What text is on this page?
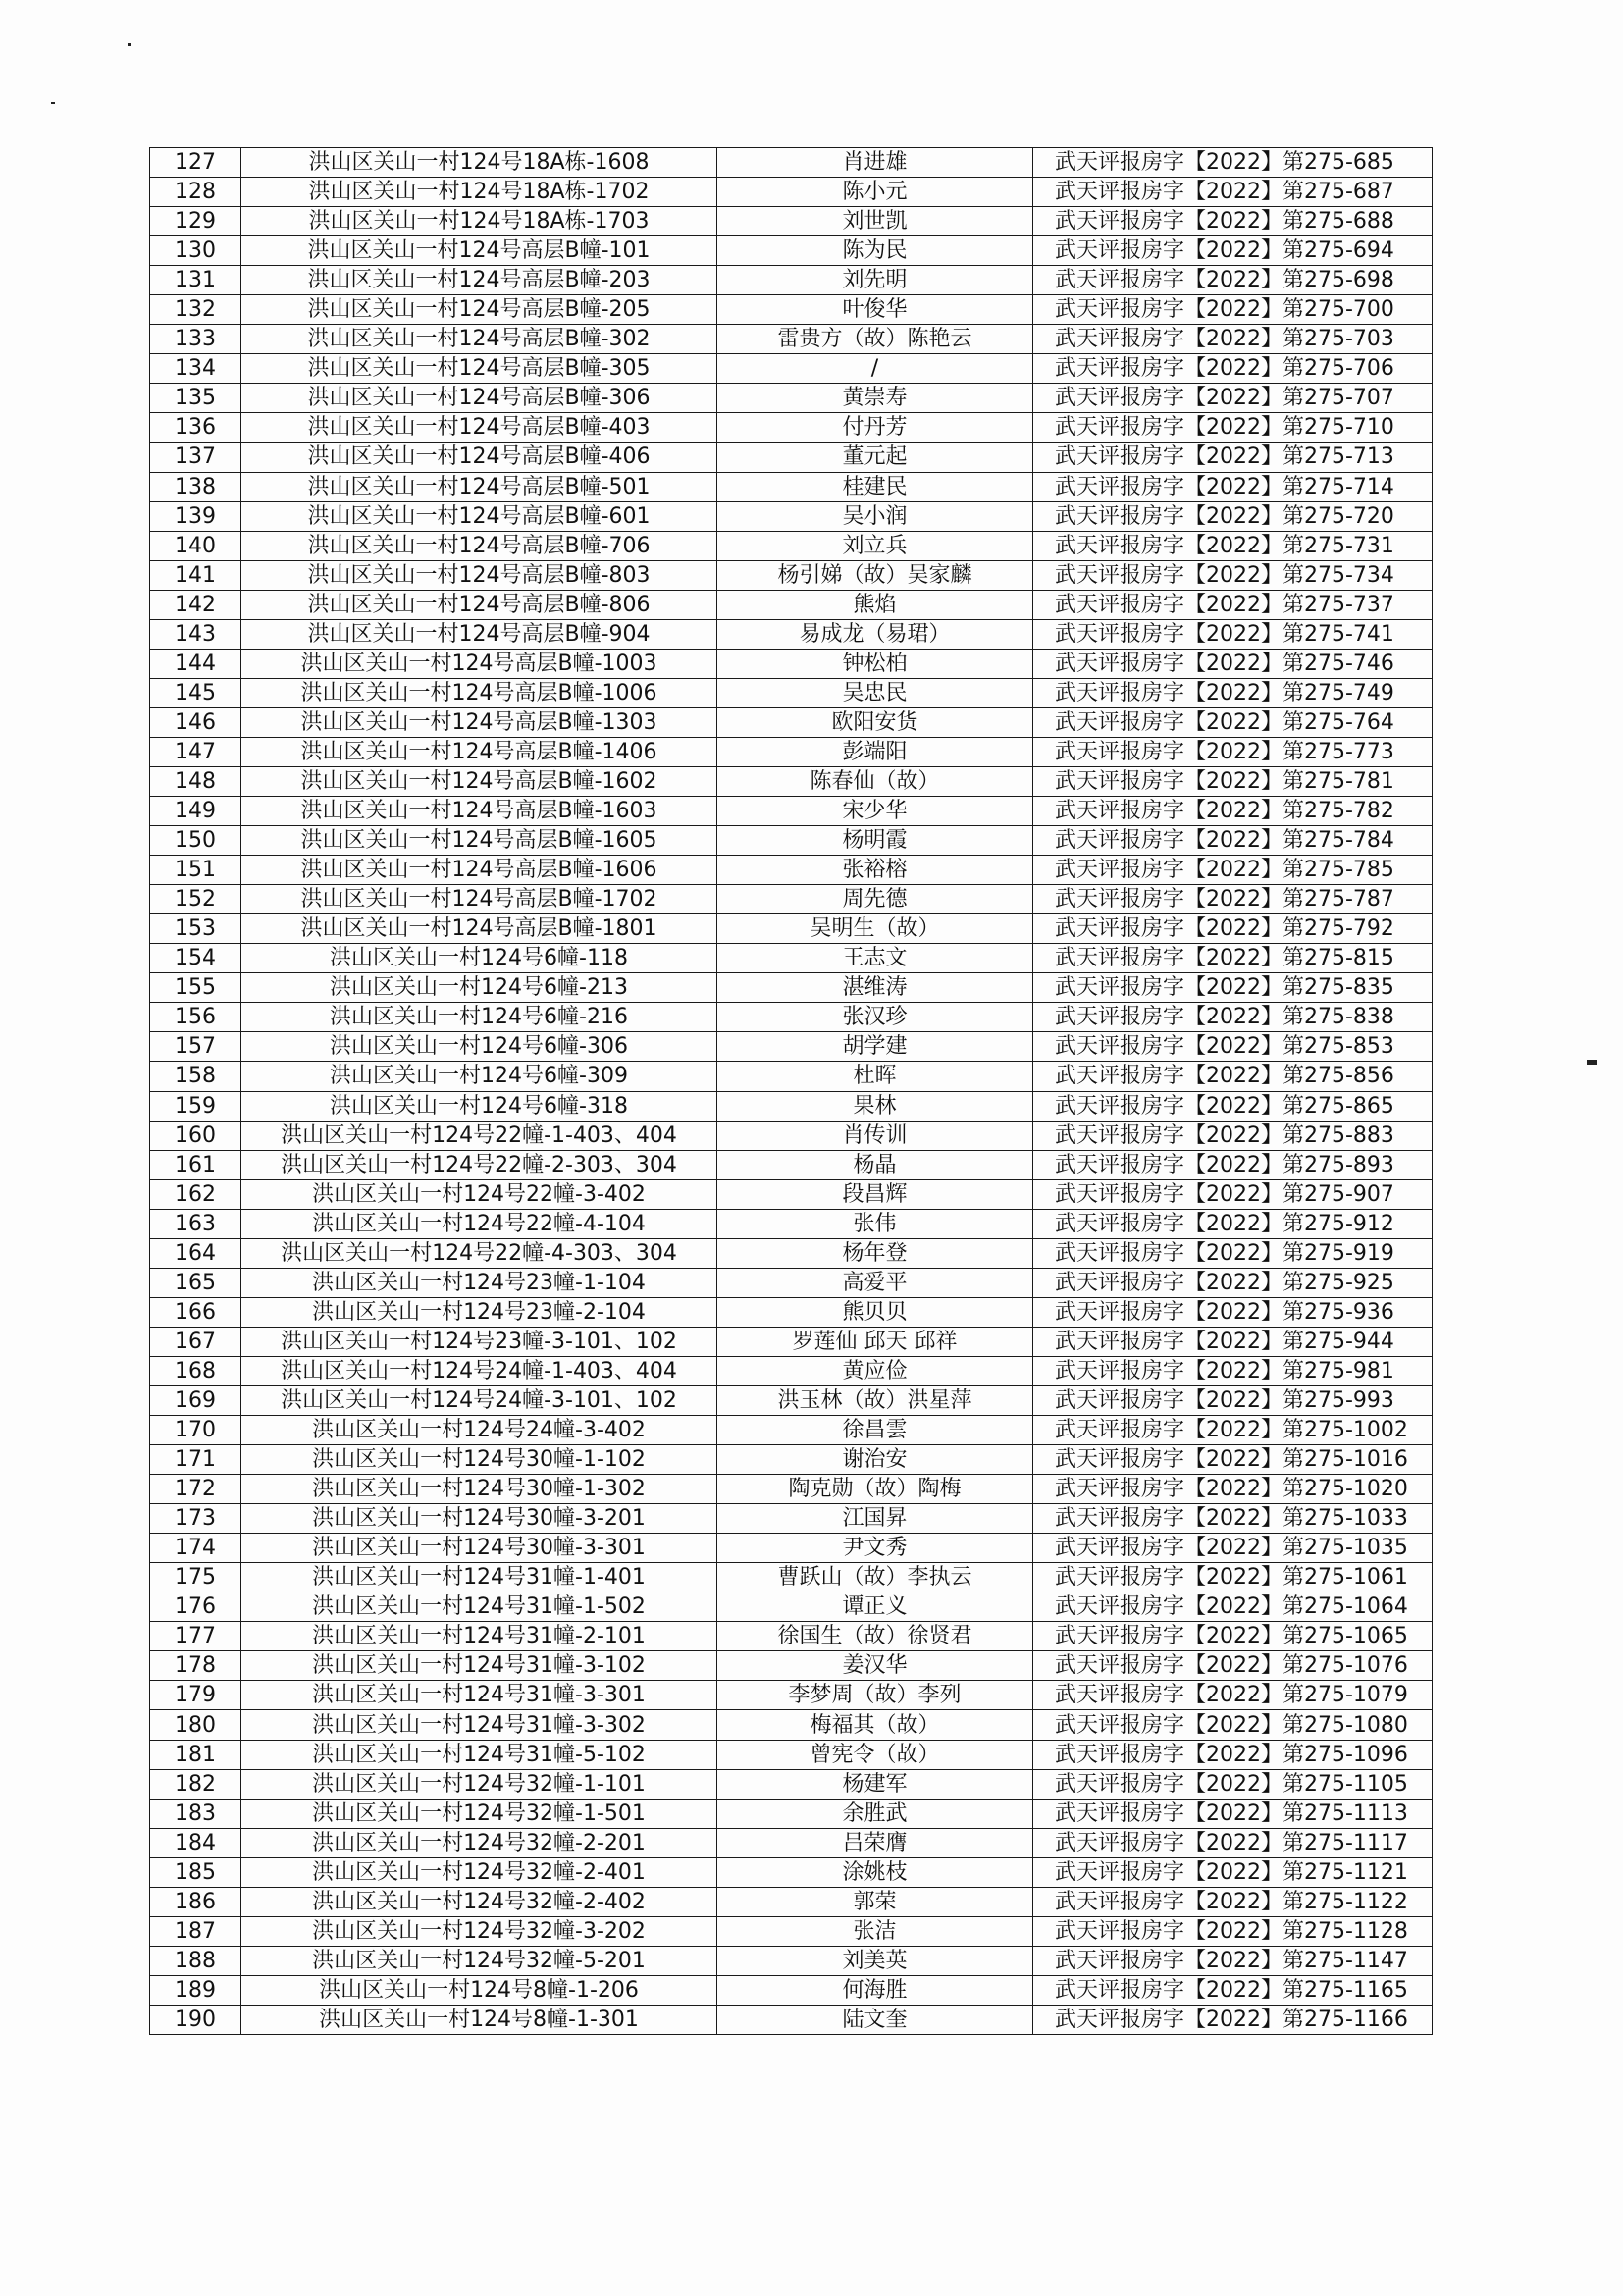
127	洪山区关山一村124号18A栋-1608	肖进雄	武天评报房字【2022】第275-685
128	洪山区关山一村124号18A栋-1702	陈小元	武天评报房字【2022】第275-687
129	洪山区关山一村124号18A栋-1703	刘世凯	武天评报房字【2022】第275-688
130	洪山区关山一村124号高层B幢-101	陈为民	武天评报房字【2022】第275-694
131	洪山区关山一村124号高层B幢-203	刘先明	武天评报房字【2022】第275-698
132	洪山区关山一村124号高层B幢-205	叶俊华	武天评报房字【2022】第275-700
133	洪山区关山一村124号高层B幢-302	雷贵方（故）陈艳云	武天评报房字【2022】第275-703
134	洪山区关山一村124号高层B幢-305	/	武天评报房字【2022】第275-706
135	洪山区关山一村124号高层B幢-306	黄崇寿	武天评报房字【2022】第275-707
136	洪山区关山一村124号高层B幢-403	付丹芳	武天评报房字【2022】第275-710
137	洪山区关山一村124号高层B幢-406	董元起	武天评报房字【2022】第275-713
138	洪山区关山一村124号高层B幢-501	桂建民	武天评报房字【2022】第275-714
139	洪山区关山一村124号高层B幢-601	吴小润	武天评报房字【2022】第275-720
140	洪山区关山一村124号高层B幢-706	刘立兵	武天评报房字【2022】第275-731
141	洪山区关山一村124号高层B幢-803	杨引娣（故）吴家麟	武天评报房字【2022】第275-734
142	洪山区关山一村124号高层B幢-806	熊焰	武天评报房字【2022】第275-737
143	洪山区关山一村124号高层B幢-904	易成龙（易珺）	武天评报房字【2022】第275-741
144	洪山区关山一村124号高层B幢-1003	钟松柏	武天评报房字【2022】第275-746
145	洪山区关山一村124号高层B幢-1006	吴忠民	武天评报房字【2022】第275-749
146	洪山区关山一村124号高层B幢-1303	欧阳安货	武天评报房字【2022】第275-764
147	洪山区关山一村124号高层B幢-1406	彭端阳	武天评报房字【2022】第275-773
148	洪山区关山一村124号高层B幢-1602	陈春仙（故）	武天评报房字【2022】第275-781
149	洪山区关山一村124号高层B幢-1603	宋少华	武天评报房字【2022】第275-782
150	洪山区关山一村124号高层B幢-1605	杨明霞	武天评报房字【2022】第275-784
151	洪山区关山一村124号高层B幢-1606	张裕榕	武天评报房字【2022】第275-785
152	洪山区关山一村124号高层B幢-1702	周先德	武天评报房字【2022】第275-787
153	洪山区关山一村124号高层B幢-1801	吴明生（故）	武天评报房字【2022】第275-792
154	洪山区关山一村124号6幢-118	王志文	武天评报房字【2022】第275-815
155	洪山区关山一村124号6幢-213	湛维涛	武天评报房字【2022】第275-835
156	洪山区关山一村124号6幢-216	张汉珍	武天评报房字【2022】第275-838
157	洪山区关山一村124号6幢-306	胡学建	武天评报房字【2022】第275-853
158	洪山区关山一村124号6幢-309	杜晖	武天评报房字【2022】第275-856
159	洪山区关山一村124号6幢-318	果林	武天评报房字【2022】第275-865
160	洪山区关山一村124号22幢-1-403、404	肖传训	武天评报房字【2022】第275-883
161	洪山区关山一村124号22幢-2-303、304	杨晶	武天评报房字【2022】第275-893
162	洪山区关山一村124号22幢-3-402	段昌辉	武天评报房字【2022】第275-907
163	洪山区关山一村124号22幢-4-104	张伟	武天评报房字【2022】第275-912
164	洪山区关山一村124号22幢-4-303、304	杨年登	武天评报房字【2022】第275-919
165	洪山区关山一村124号23幢-1-104	高爱平	武天评报房字【2022】第275-925
166	洪山区关山一村124号23幢-2-104	熊贝贝	武天评报房字【2022】第275-936
167	洪山区关山一村124号23幢-3-101、102	罗莲仙 邱天 邱祥	武天评报房字【2022】第275-944
168	洪山区关山一村124号24幢-1-403、404	黄应俭	武天评报房字【2022】第275-981
169	洪山区关山一村124号24幢-3-101、102	洪玉林（故）洪星萍	武天评报房字【2022】第275-993
170	洪山区关山一村124号24幢-3-402	徐昌雲	武天评报房字【2022】第275-1002
171	洪山区关山一村124号30幢-1-102	谢治安	武天评报房字【2022】第275-1016
172	洪山区关山一村124号30幢-1-302	陶克勋（故）陶梅	武天评报房字【2022】第275-1020
173	洪山区关山一村124号30幢-3-201	江国昇	武天评报房字【2022】第275-1033
174	洪山区关山一村124号30幢-3-301	尹文秀	武天评报房字【2022】第275-1035
175	洪山区关山一村124号31幢-1-401	曹跃山（故）李执云	武天评报房字【2022】第275-1061
176	洪山区关山一村124号31幢-1-502	谭正义	武天评报房字【2022】第275-1064
177	洪山区关山一村124号31幢-2-101	徐国生（故）徐贤君	武天评报房字【2022】第275-1065
178	洪山区关山一村124号31幢-3-102	姜汉华	武天评报房字【2022】第275-1076
179	洪山区关山一村124号31幢-3-301	李梦周（故）李列	武天评报房字【2022】第275-1079
180	洪山区关山一村124号31幢-3-302	梅福其（故）	武天评报房字【2022】第275-1080
181	洪山区关山一村124号31幢-5-102	曾宪令（故）	武天评报房字【2022】第275-1096
182	洪山区关山一村124号32幢-1-101	杨建军	武天评报房字【2022】第275-1105
183	洪山区关山一村124号32幢-1-501	余胜武	武天评报房字【2022】第275-1113
184	洪山区关山一村124号32幢-2-201	吕荣膺	武天评报房字【2022】第275-1117
185	洪山区关山一村124号32幢-2-401	涂姚枝	武天评报房字【2022】第275-1121
186	洪山区关山一村124号32幢-2-402	郭荣	武天评报房字【2022】第275-1122
187	洪山区关山一村124号32幢-3-202	张洁	武天评报房字【2022】第275-1128
188	洪山区关山一村124号32幢-5-201	刘美英	武天评报房字【2022】第275-1147
189	洪山区关山一村124号8幢-1-206	何海胜	武天评报房字【2022】第275-1165
190	洪山区关山一村124号8幢-1-301	陆文奎	武天评报房字【2022】第275-1166
